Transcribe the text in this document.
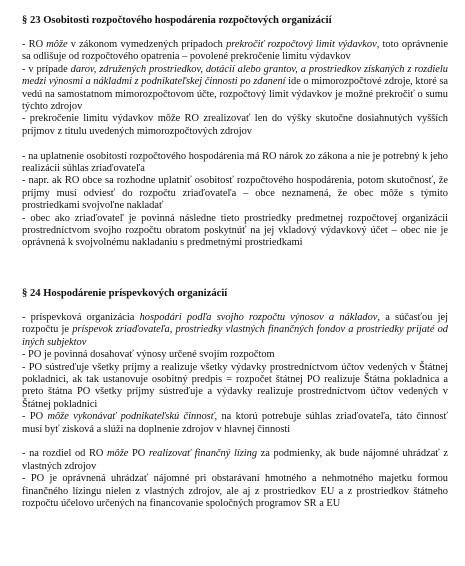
§ 23 Osobitosti rozpočtového hospodárenia rozpočtových organizácií

- RO môže v zákonom vymedzených prípadoch prekročiť rozpočtový limit výdavkov, toto oprávnenie sa odlišuje od rozpočtového opatrenia – povolené prekročenie limitu výdavkov

- v prípade darov, združených prostriedkov, dotácií alebo grantov, a prostriedkov získaných z rozdielu medzi výnosmi a nákladmi z podnikateľskej činnosti po zdanení ide o mimorozpočtové zdroje, ktoré sa vedú na samostatnom mimorozpočtovom účte, rozpočtový limit výdavkov je možné prekročiť o sumu týchto zdrojov

- prekročenie limitu výdavkov môže RO zrealizovať len do výšky skutočne dosiahnutých vyšších príjmov z titulu uvedených mimorozpočtových zdrojov

- na uplatnenie osobitostí rozpočtového hospodárenia má RO nárok zo zákona a nie je potrebný k jeho realizácii súhlas zriaďovateľa

- napr. ak RO obce sa rozhodne uplatniť osobitosť rozpočtového hospodárenia, potom skutočnosť, že príjmy musí odviesť do rozpočtu zriaďovateľa – obce neznamená, že obec môže s týmito prostriedkami svojvoľne nakladať

- obec ako zriaďovateľ je povinná následne tieto prostriedky predmetnej rozpočtovej organizácii prostredníctvom svojho rozpočtu obratom poskytnúť na jej vkladový výdavkový účet – obec nie je oprávnená k svojvolnému nakladaniu s predmetnými prostriedkami

§ 24 Hospodárenie príspevkových organizácií

- príspevková organizácia hospodári podľa svojho rozpočtu výnosov a nákladov, a súčasťou jej rozpočtu je príspevok zriaďovateľa, prostriedky vlastných finančných fondov a prostriedky prijaté od iných subjektov

- PO je povinná dosahovať výnosy určené svojím rozpočtom

- PO sústreďuje všetky príjmy a realizuje všetky výdavky prostredníctvom účtov vedených v Štátnej pokladnici, ak tak ustanovuje osobitný predpis = rozpočet štátnej PO realizuje Štátna pokladnica a preto štátna PO všetky príjmy sústreďuje a výdavky realizuje prostredníctvom účtov vedených v Štátnej pokladnici

- PO môže vykonávať podnikateľskú činnosť, na ktorú potrebuje súhlas zriaďovateľa, táto činnosť musí byť zisková a slúži na doplnenie zdrojov v hlavnej činnosti

- na rozdiel od RO môže PO realizovať finančný lízing za podmienky, ak bude nájomné uhrádzať z vlastných zdrojov

- PO je oprávnená uhrádzať nájomné pri obstarávaní hmotného a nehmotného majetku formou finančného lízingu nielen z vlastných zdrojov, ale aj z prostriedkov EU a z prostriedkov štátneho rozpočtu účelovo určených na financovanie spoločných programov SR a EU
